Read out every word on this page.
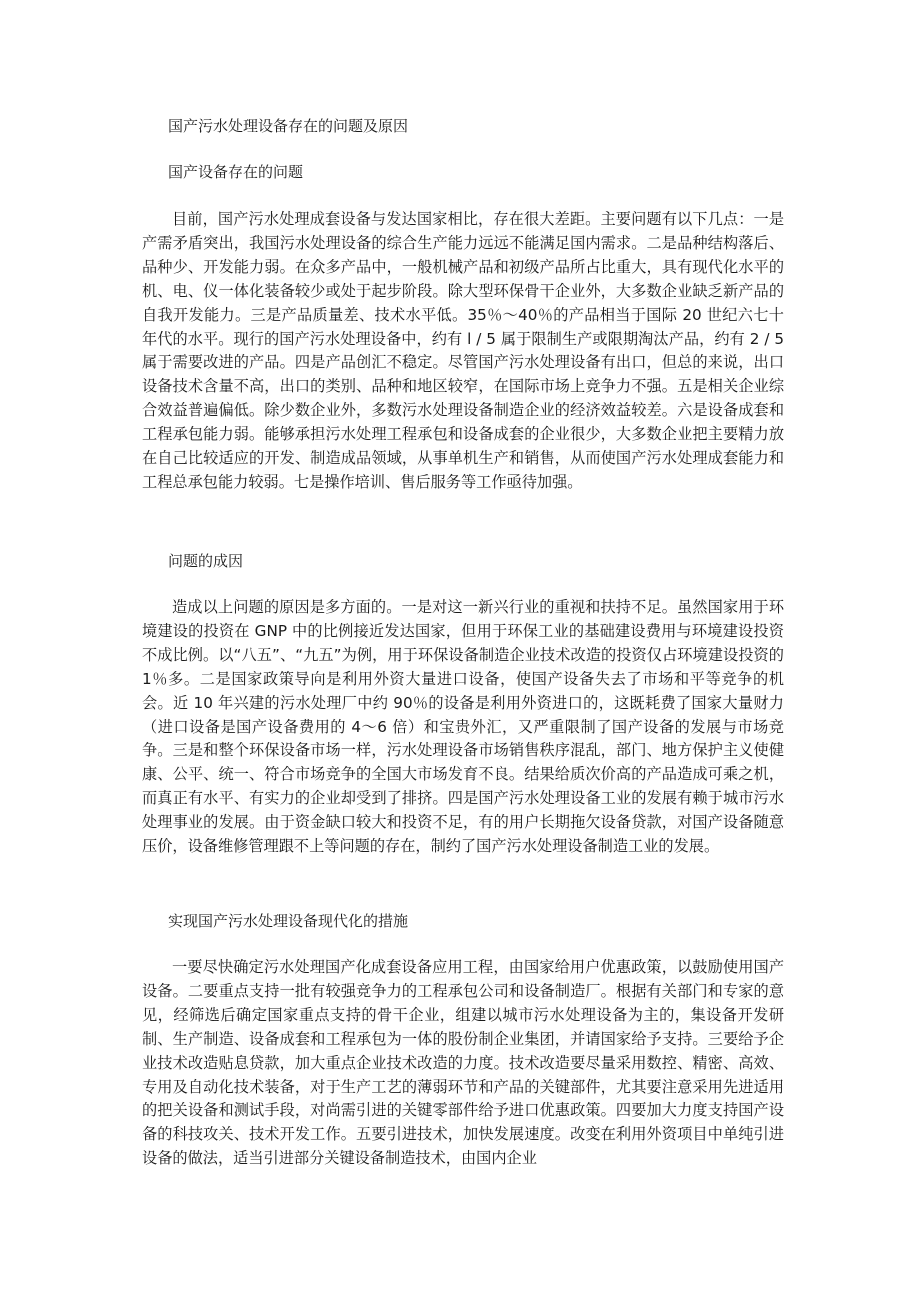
国产污水处理设备存在的问题及原因
国产设备存在的问题

目前，国产污水处理成套设备与发达国家相比，存在很大差距。主要问题有以下几点：一是产需矛盾突出，我国污水处理设备的综合生产能力远远不能满足国内需求。二是品种结构落后、品种少、开发能力弱。在众多产品中，一般机械产品和初级产品所占比重大，具有现代化水平的机、电、仪一体化装备较少或处于起步阶段。除大型环保骨干企业外，大多数企业缺乏新产品的自我开发能力。三是产品质量差、技术水平低。35％～40％的产品相当于国际 20 世纪六七十年代的水平。现行的国产污水处理设备中，约有 l / 5 属于限制生产或限期淘汰产品，约有 2 / 5 属于需要改进的产品。四是产品创汇不稳定。尽管国产污水处理设备有出口，但总的来说，出口设备技术含量不高，出口的类别、品种和地区较窄，在国际市场上竞争力不强。五是相关企业综合效益普遍偏低。除少数企业外，多数污水处理设备制造企业的经济效益较差。六是设备成套和工程承包能力弱。能够承担污水处理工程承包和设备成套的企业很少，大多数企业把主要精力放在自己比较适应的开发、制造成品领域，从事单机生产和销售，从而使国产污水处理成套能力和工程总承包能力较弱。七是操作培训、售后服务等工作亟待加强。

问题的成因

造成以上问题的原因是多方面的。一是对这一新兴行业的重视和扶持不足。虽然国家用于环境建设的投资在 GNP 中的比例接近发达国家，但用于环保工业的基础建设费用与环境建设投资不成比例。以“八五”、“九五”为例，用于环保设备制造企业技术改造的投资仅占环境建设投资的 1％多。二是国家政策导向是利用外资大量进口设备，使国产设备失去了市场和平等竞争的机会。近 10 年兴建的污水处理厂中约 90％的设备是利用外资进口的，这既耗费了国家大量财力（进口设备是国产设备费用的 4～6 倍）和宝贵外汇，又严重限制了国产设备的发展与市场竞争。三是和整个环保设备市场一样，污水处理设备市场销售秩序混乱，部门、地方保护主义使健康、公平、统一、符合市场竞争的全国大市场发育不良。结果给质次价高的产品造成可乘之机，而真正有水平、有实力的企业却受到了排挤。四是国产污水处理设备工业的发展有赖于城市污水处理事业的发展。由于资金缺口较大和投资不足，有的用户长期拖欠设备贷款，对国产设备随意压价，设备维修管理跟不上等问题的存在，制约了国产污水处理设备制造工业的发展。

实现国产污水处理设备现代化的措施

一要尽快确定污水处理国产化成套设备应用工程，由国家给用户优惠政策，以鼓励使用国产设备。二要重点支持一批有较强竞争力的工程承包公司和设备制造厂。根据有关部门和专家的意见，经筛选后确定国家重点支持的骨干企业，组建以城市污水处理设备为主的，集设备开发研制、生产制造、设备成套和工程承包为一体的股份制企业集团，并请国家给予支持。三要给予企业技术改造贴息贷款，加大重点企业技术改造的力度。技术改造要尽量采用数控、精密、高效、专用及自动化技术装备，对于生产工艺的薄弱环节和产品的关键部件，尤其要注意采用先进适用的把关设备和测试手段，对尚需引进的关键零部件给予进口优惠政策。四要加大力度支持国产设备的科技攻关、技术开发工作。五要引进技术，加快发展速度。改变在利用外资项目中单纯引进设备的做法，适当引进部分关键设备制造技术，由国内企业
